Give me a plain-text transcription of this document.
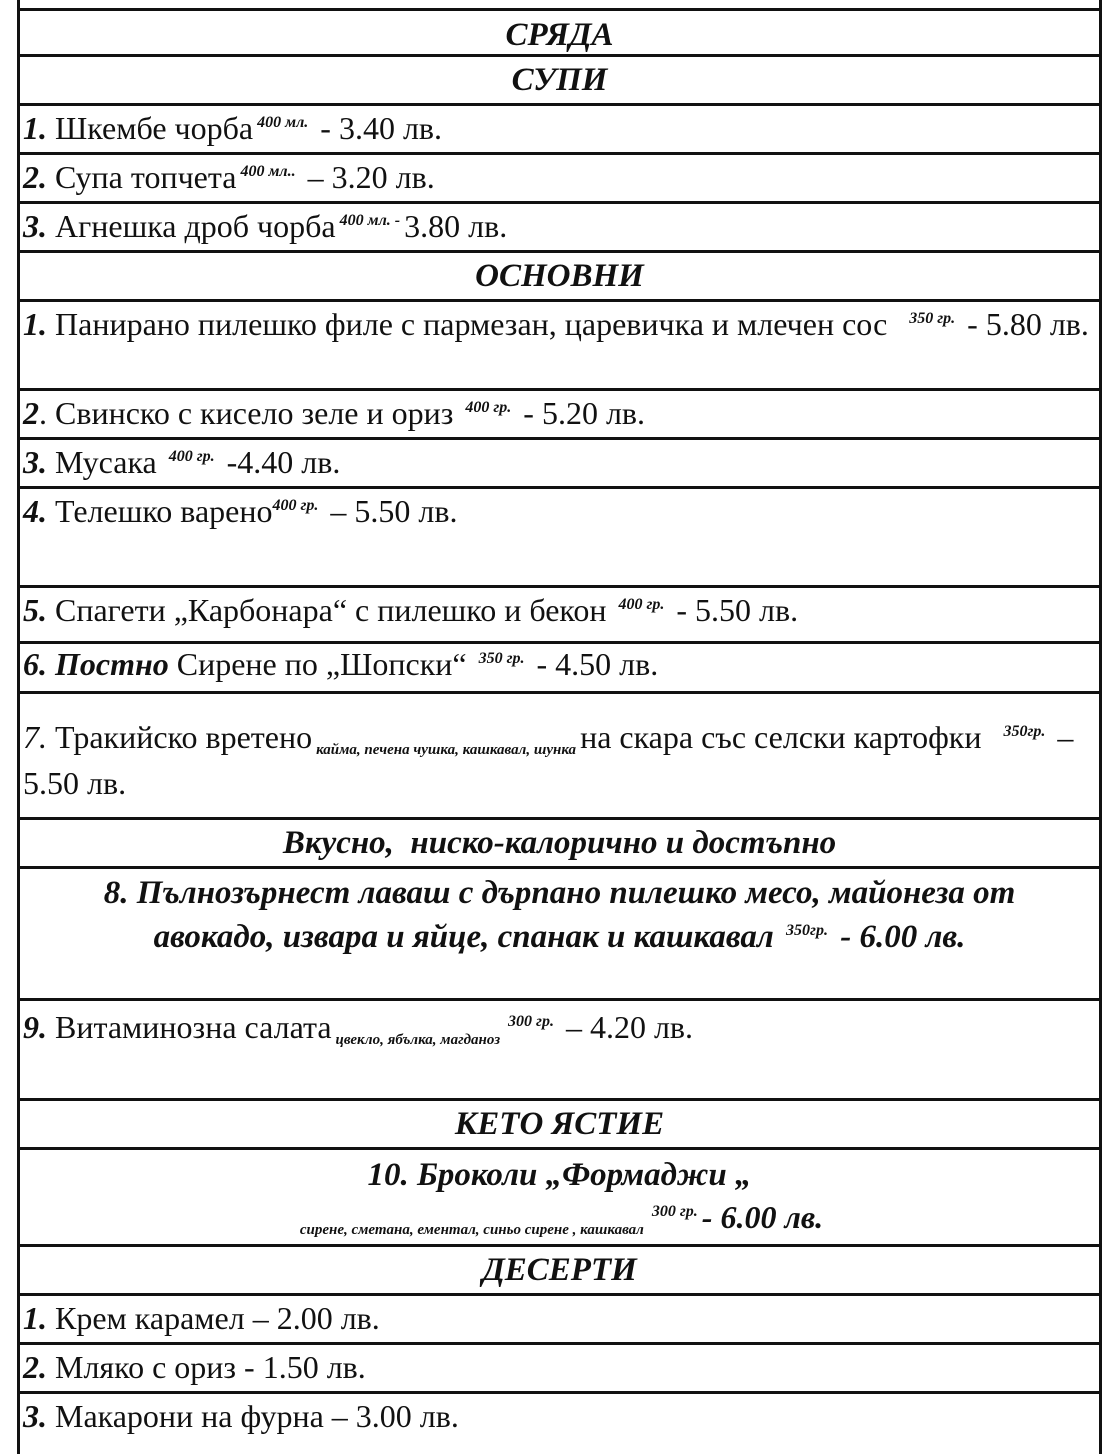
СРЯДА
СУПИ
1. Шкембе чорба $^{400 мл.}$ - 3.40 лв.
2. Супа топчета $^{400 мл..}$ – 3.20 лв.
3. Агнешка дроб чорба $^{400 мл. -}$ 3.80 лв.
ОСНОВНИ
1. Панирано пилешко филе с пармезан, царевичка и млечен сос $^{350 гр.}$ - 5.80 лв.
2. Свинско с кисело зеле и ориз $^{400 гр.}$ - 5.20 лв.
3. Мусака $^{400 гр.}$ -4.40 лв.
4. Телешко варено$^{400 гр.}$ – 5.50 лв.
5. Спагети „Карбонара“ с пилешко и бекон $^{400 гр.}$ - 5.50 лв.
6. Постно Сирене по „Шопски“ $^{350 гр.}$ - 4.50 лв.
7. Тракийско вретено $_{кайма, печена чушка, кашкавал, шунка}$ на скара със селски картофки $^{350гр.}$ – 5.50 лв.
Вкусно,  ниско-калорично и достъпно
8. Пълнозърнест лаваш с дърпано пилешко месо, майонеза от авокадо, извара и яйце, спанак и кашкавал $^{350гр.}$ - 6.00 лв.
9. Витаминозна салата $_{цвекло, ябълка, магданоз}^{300 гр.}$ – 4.20 лв.
КЕТО ЯСТИЕ
10. Броколи „Формаджи „
$_{сирене, сметана, ементал, синьо сирене , кашкавал}^{300 гр.}$ - 6.00 лв.
ДЕСЕРТИ
1. Крем карамел – 2.00 лв.
2. Мляко с ориз - 1.50 лв.
3. Макарони на фурна – 3.00 лв.
